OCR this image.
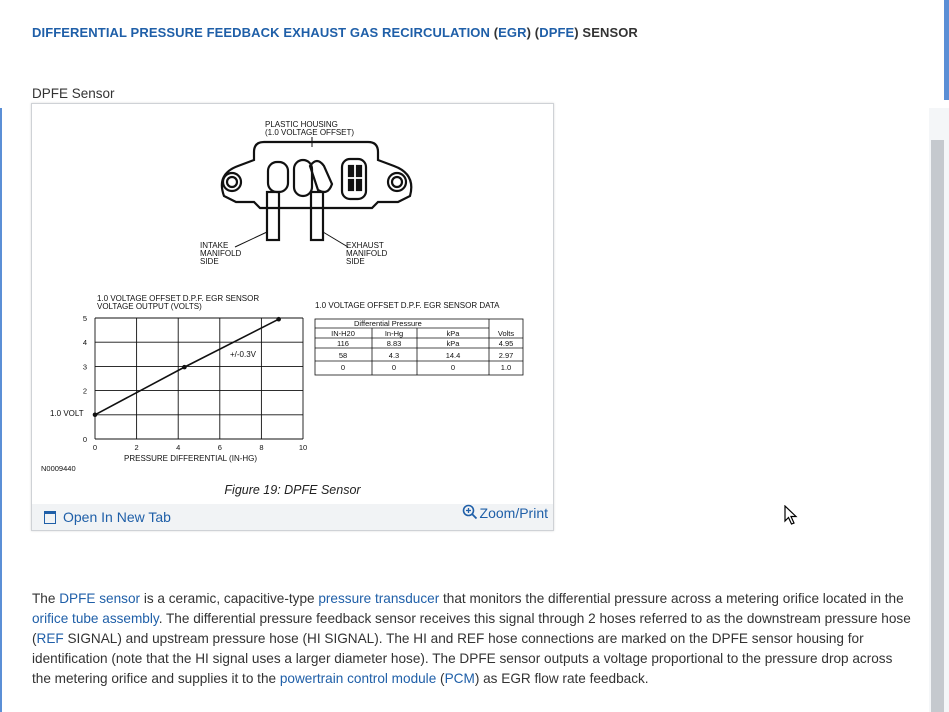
DIFFERENTIAL PRESSURE FEEDBACK EXHAUST GAS RECIRCULATION (EGR) (DPFE) SENSOR
DPFE Sensor
PLASTIC HOUSING
(1.0 VOLTAGE OFFSET)
INTAKE
MANIFOLD
SIDE
EXHAUST
MANIFOLD
SIDE
1.0 VOLTAGE OFFSET D.P.F. EGR SENSOR
VOLTAGE OUTPUT (VOLTS)
0	2	4	6	8	10
0
2
3
4
5
1.0 VOLT
+/-0.3V
PRESSURE DIFFERENTIAL (IN-HG)
N0009440
1.0 VOLTAGE OFFSET D.P.F. EGR SENSOR DATA
Differential Pressure
IN-H20	In-Hg	kPa	Volts
116	8.83	kPa	4.95
58	4.3	14.4	2.97
0	0	0	1.0
Figure 19: DPFE Sensor
Open In New Tab	Zoom/Print
The DPFE sensor is a ceramic, capacitive-type pressure transducer that monitors the differential pressure across a metering orifice located in the orifice tube assembly. The differential pressure feedback sensor receives this signal through 2 hoses referred to as the downstream pressure hose (REF SIGNAL) and upstream pressure hose (HI SIGNAL). The HI and REF hose connections are marked on the DPFE sensor housing for identification (note that the HI signal uses a larger diameter hose). The DPFE sensor outputs a voltage proportional to the pressure drop across the metering orifice and supplies it to the powertrain control module (PCM) as EGR flow rate feedback.
